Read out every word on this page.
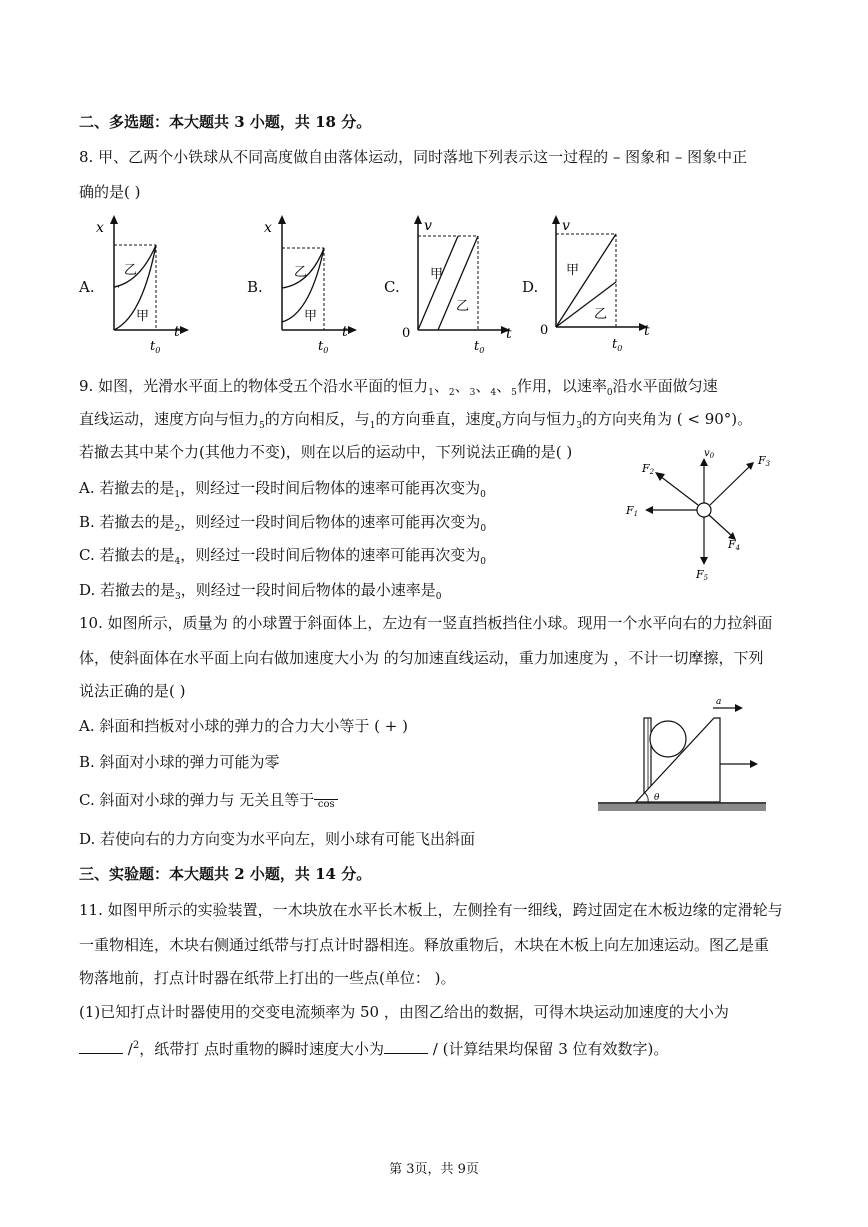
二、多选题：本大题共 3 小题，共 18 分。
8. 甲、乙两个小铁球从不同高度做自由落体运动，同时落地下列表示这一过程的 – 图象和 – 图象中正
确的是( )
A.
x
t
乙
甲
$t_0$
B.
x
t
乙
甲
$t_0$
C.
v
t
0
甲
乙
$t_0$
D.
v
t
0
甲
乙
$t_0$
9. 如图，光滑水平面上的物体受五个沿水平面的恒力$_1$、$_2$、$_3$、$_4$、$_5$作用，以速率$_0$沿水平面做匀速
直线运动，速度方向与恒力$_5$的方向相反，与$_1$的方向垂直，速度$_0$方向与恒力$_3$的方向夹角为 ( < 90°)。
若撤去其中某个力(其他力不变)，则在以后的运动中，下列说法正确的是( )
A. 若撤去的是$_1$，则经过一段时间后物体的速率可能再次变为$_0$
B. 若撤去的是$_2$，则经过一段时间后物体的速率可能再次变为$_0$
C. 若撤去的是$_4$，则经过一段时间后物体的速率可能再次变为$_0$
D. 若撤去的是$_3$，则经过一段时间后物体的最小速率是$_0$
$v_0$
F2
F3
F1
F4
F5
10. 如图所示，质量为 的小球置于斜面体上，左边有一竖直挡板挡住小球。现用一个水平向右的力拉斜面
体，使斜面体在水平面上向右做加速度大小为 的匀加速直线运动，重力加速度为 ，不计一切摩擦，下列
说法正确的是( )
A. 斜面和挡板对小球的弹力的合力大小等于 ( + )
B. 斜面对小球的弹力可能为零
C. 斜面对小球的弹力与 无关且等于 cos
D. 若使向右的力方向变为水平向左，则小球有可能飞出斜面
a
θ
三、实验题：本大题共 2 小题，共 14 分。
11. 如图甲所示的实验装置，一木块放在水平长木板上，左侧拴有一细线，跨过固定在木板边缘的定滑轮与
一重物相连，木块右侧通过纸带与打点计时器相连。释放重物后，木块在木板上向左加速运动。图乙是重
物落地前，打点计时器在纸带上打出的一些点(单位： )。
(1)已知打点计时器使用的交变电流频率为 50 ，由图乙给出的数据，可得木块运动加速度的大小为
/$^2$，纸带打 点时重物的瞬时速度大小为	/ (计算结果均保留 3 位有效数字)。
第 3页，共 9页
